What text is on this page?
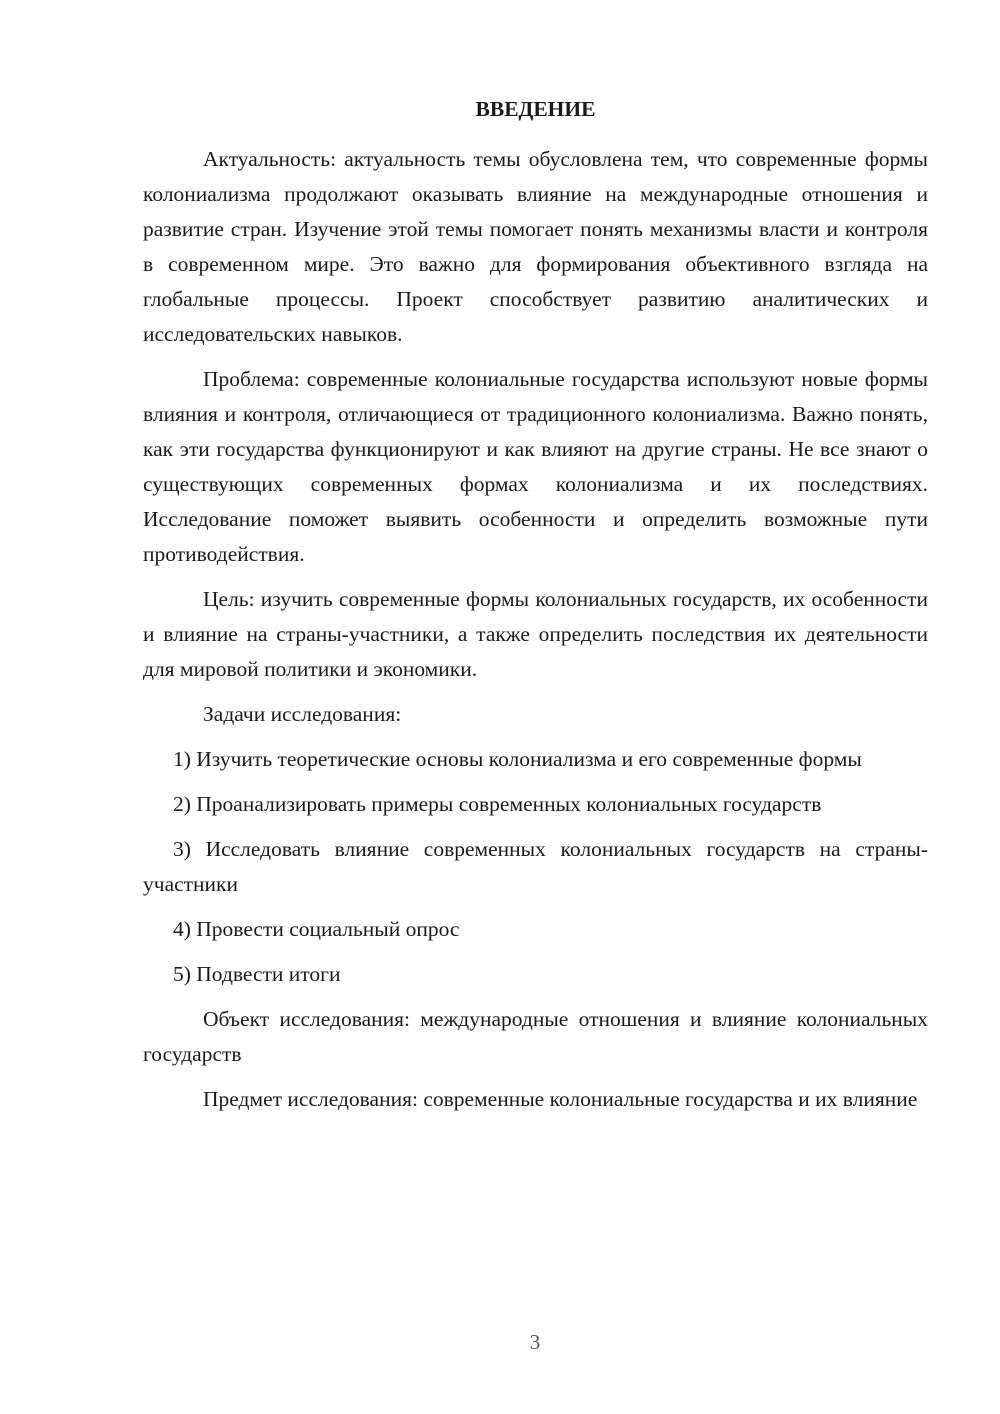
ВВЕДЕНИЕ

Актуальность: актуальность темы обусловлена тем, что современные формы колониализма продолжают оказывать влияние на международные отношения и развитие стран. Изучение этой темы помогает понять механизмы власти и контроля в современном мире. Это важно для формирования объективного взгляда на глобальные процессы. Проект способствует развитию аналитических и исследовательских навыков.

Проблема: современные колониальные государства используют новые формы влияния и контроля, отличающиеся от традиционного колониализма. Важно понять, как эти государства функционируют и как влияют на другие страны. Не все знают о существующих современных формах колониализма и их последствиях. Исследование поможет выявить особенности и определить возможные пути противодействия.

Цель: изучить современные формы колониальных государств, их особенности и влияние на страны-участники, а также определить последствия их деятельности для мировой политики и экономики.

Задачи исследования:

1) Изучить теоретические основы колониализма и его современные формы

2) Проанализировать примеры современных колониальных государств

3) Исследовать влияние современных колониальных государств на страны-участники

4) Провести социальный опрос

5) Подвести итоги

Объект исследования: международные отношения и влияние колониальных государств

Предмет исследования: современные колониальные государства и их влияние

3
